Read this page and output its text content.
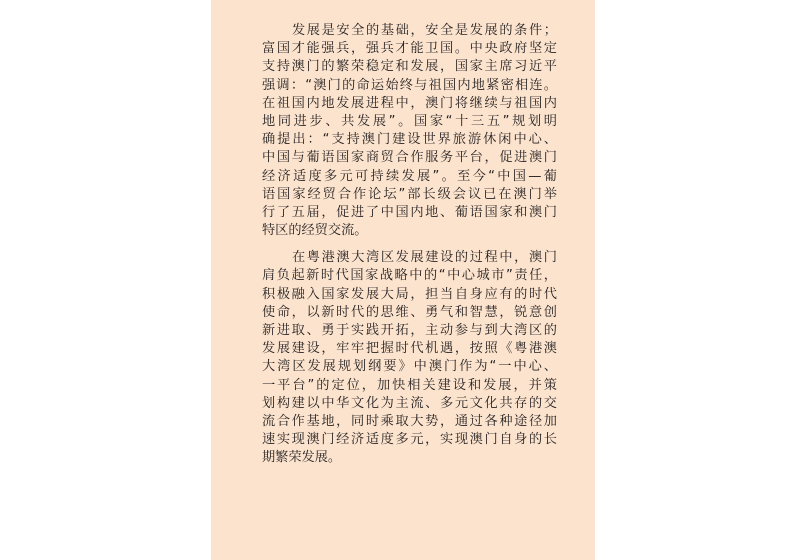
发展是安全的基础，安全是发展的条件；
富国才能强兵，强兵才能卫国。中央政府坚定
支持澳门的繁荣稳定和发展，国家主席习近平
强调：“澳门的命运始终与祖国内地紧密相连。
在祖国内地发展进程中，澳门将继续与祖国内
地同进步、共发展”。国家“十三五”规划明
确提出：“支持澳门建设世界旅游休闲中心、
中国与葡语国家商贸合作服务平台，促进澳门
经济适度多元可持续发展”。至今“中国—葡
语国家经贸合作论坛”部长级会议已在澳门举
行了五届，促进了中国内地、葡语国家和澳门
特区的经贸交流。
在粤港澳大湾区发展建设的过程中，澳门
肩负起新时代国家战略中的“中心城市”责任，
积极融入国家发展大局，担当自身应有的时代
使命，以新时代的思维、勇气和智慧，锐意创
新进取、勇于实践开拓，主动参与到大湾区的
发展建设，牢牢把握时代机遇，按照《粤港澳
大湾区发展规划纲要》中澳门作为“一中心、
一平台”的定位，加快相关建设和发展，并策
划构建以中华文化为主流、多元文化共存的交
流合作基地，同时乘取大势，通过各种途径加
速实现澳门经济适度多元，实现澳门自身的长
期繁荣发展。
